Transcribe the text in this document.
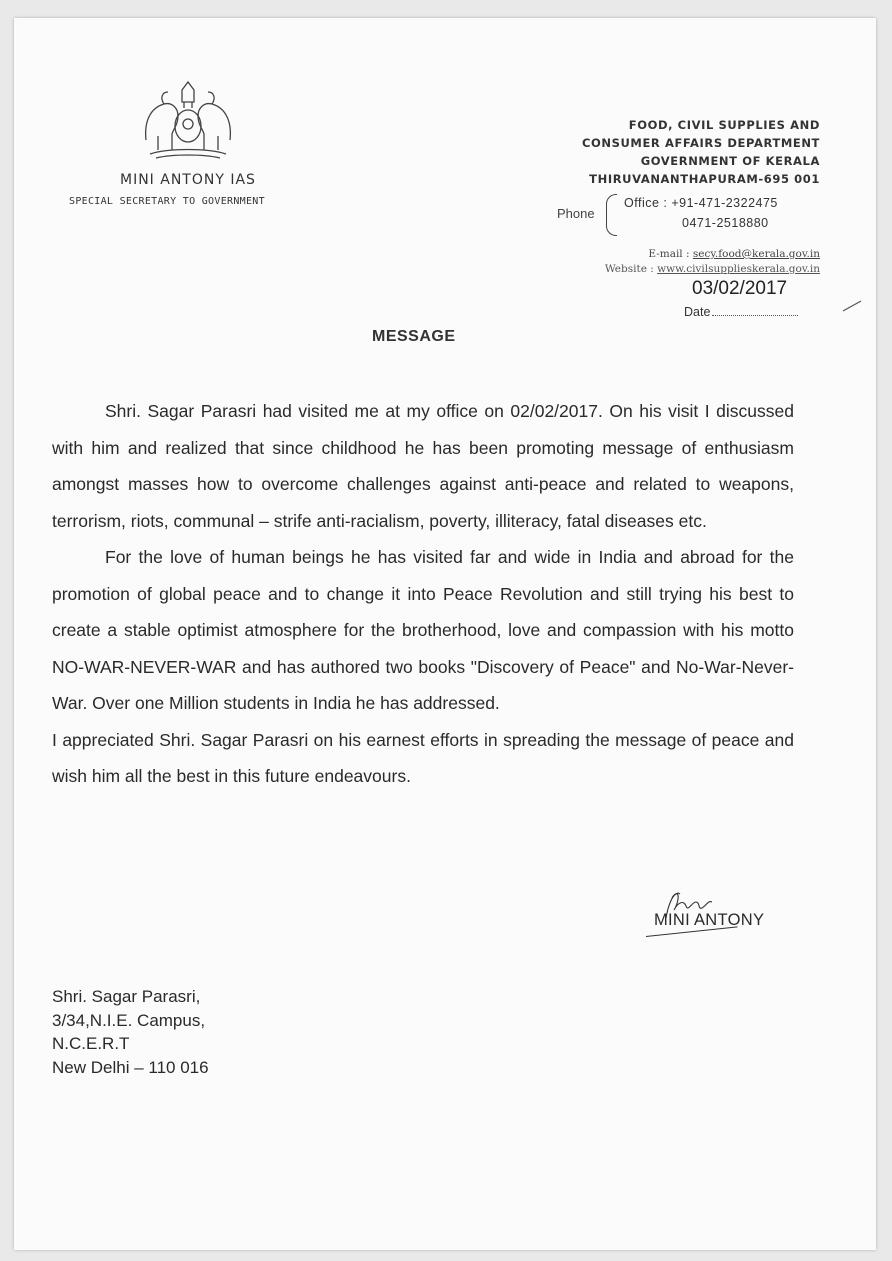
MINI ANTONY IAS
SPECIAL SECRETARY TO GOVERNMENT
FOOD, CIVIL SUPPLIES AND
CONSUMER AFFAIRS DEPARTMENT
GOVERNMENT OF KERALA
THIRUVANANTHAPURAM-695 001
Phone
Office : +91-471-2322475
0471-2518880
E-mail : secy.food@kerala.gov.in
Website : www.civilsupplieskerala.gov.in
03/02/2017
Date
MESSAGE

Shri. Sagar Parasri had visited me at my office on 02/02/2017. On his visit I discussed with him and realized that since childhood he has been promoting message of enthusiasm amongst masses how to overcome challenges against anti-peace and related to weapons, terrorism, riots, communal – strife anti-racialism, poverty, illiteracy, fatal diseases etc.

For the love of human beings he has visited far and wide in India and abroad for the promotion of global peace and to change it into Peace Revolution and still trying his best to create a stable optimist atmosphere for the brotherhood, love and compassion with his motto NO-WAR-NEVER-WAR and has authored two books "Discovery of Peace" and No-War-Never-War. Over one Million students in India he has addressed.

I appreciated Shri. Sagar Parasri on his earnest efforts in spreading the message of peace and wish him all the best in this future endeavours.

MINI ANTONY
Shri. Sagar Parasri,
3/34,N.I.E. Campus,
N.C.E.R.T
New Delhi – 110 016
